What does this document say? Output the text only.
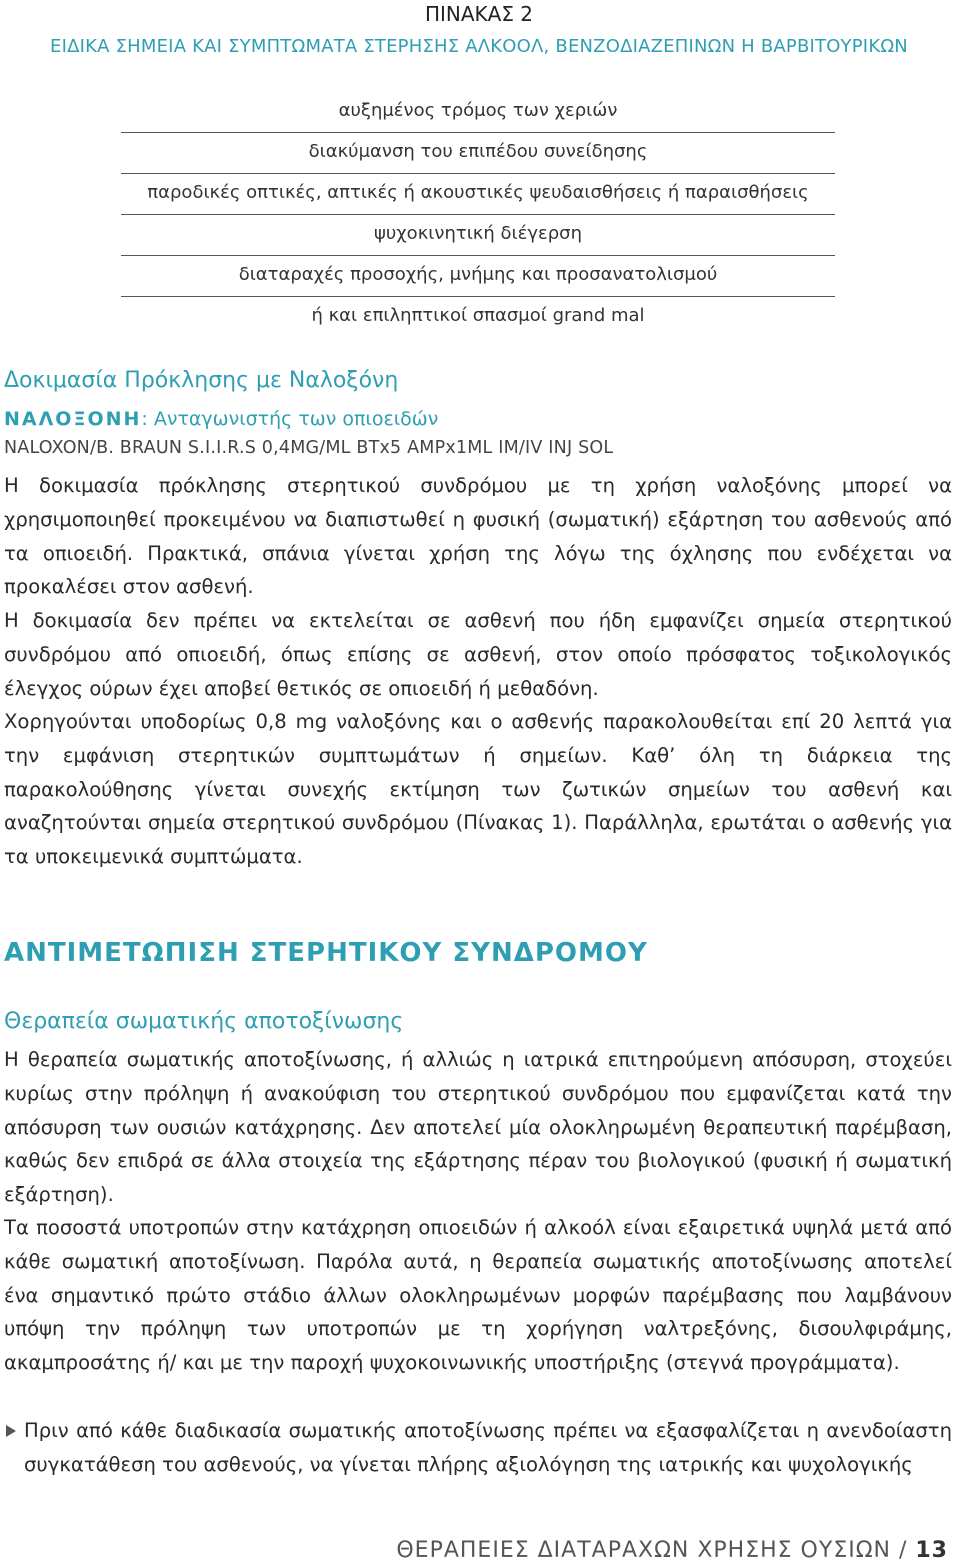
ΠΙΝΑΚΑΣ 2
ΕΙΔΙΚΑ ΣΗΜΕΙΑ ΚΑΙ ΣΥΜΠΤΩΜΑΤΑ ΣΤΕΡΗΣΗΣ ΑΛΚΟΟΛ, ΒΕΝΖΟΔΙΑΖΕΠΙΝΩΝ Η ΒΑΡΒΙΤΟΥΡΙΚΩΝ
αυξημένος τρόμος των χεριών
διακύμανση του επιπέδου συνείδησης
παροδικές οπτικές, απτικές ή ακουστικές ψευδαισθήσεις ή παραισθήσεις
ψυχοκινητική διέγερση
διαταραχές προσοχής, μνήμης και προσανατολισμού
ή και επιληπτικοί σπασμοί grand mal
Δοκιμασία Πρόκλησης με Ναλοξόνη
ΝΑΛΟΞΟΝΗ: Ανταγωνιστής των οπιοειδών
NALOXON/B. BRAUN S.I.I.R.S 0,4MG/ML BTx5 AMPx1ML IM/IV INJ SOL

Η δοκιμασία πρόκλησης στερητικού συνδρόμου με τη χρήση ναλοξόνης μπορεί να χρησιμοποιηθεί προκειμένου να διαπιστωθεί η φυσική (σωματική) εξάρτηση του ασθενούς από τα οπιοειδή. Πρακτικά, σπάνια γίνεται χρήση της λόγω της όχλησης που ενδέχεται να προκαλέσει στον ασθενή.

Η δοκιμασία δεν πρέπει να εκτελείται σε ασθενή που ήδη εμφανίζει σημεία στερητικού συνδρόμου από οπιοειδή, όπως επίσης σε ασθενή, στον οποίο πρόσφατος τοξικολογικός έλεγχος ούρων έχει αποβεί θετικός σε οπιοειδή ή μεθαδόνη.

Χορηγούνται υποδορίως 0,8 mg ναλοξόνης και ο ασθενής παρακολουθείται επί 20 λεπτά για την εμφάνιση στερητικών συμπτωμάτων ή σημείων. Καθ’ όλη τη διάρκεια της παρακολούθησης γίνεται συνεχής εκτίμηση των ζωτικών σημείων του ασθενή και αναζητούνται σημεία στερητικού συνδρόμου (Πίνακας 1). Παράλληλα, ερωτάται ο ασθενής για τα υποκειμενικά συμπτώματα.

ΑΝΤΙΜΕΤΩΠΙΣΗ ΣΤΕΡΗΤΙΚΟΥ ΣΥΝΔΡΟΜΟΥ
Θεραπεία σωματικής αποτοξίνωσης

Η θεραπεία σωματικής αποτοξίνωσης, ή αλλιώς η ιατρικά επιτηρούμενη απόσυρση, στοχεύει κυρίως στην πρόληψη ή ανακούφιση του στερητικού συνδρόμου που εμφανίζεται κατά την απόσυρση των ουσιών κατάχρησης. Δεν αποτελεί μία ολοκληρωμένη θεραπευτική παρέμβαση, καθώς δεν επιδρά σε άλλα στοιχεία της εξάρτησης πέραν του βιολογικού (φυσική ή σωματική εξάρτηση).

Τα ποσοστά υποτροπών στην κατάχρηση οπιοειδών ή αλκοόλ είναι εξαιρετικά υψηλά μετά από κάθε σωματική αποτοξίνωση. Παρόλα αυτά, η θεραπεία σωματικής αποτοξίνωσης αποτελεί ένα σημαντικό πρώτο στάδιο άλλων ολοκληρωμένων μορφών παρέμβασης που λαμβάνουν υπόψη την πρόληψη των υποτροπών με τη χορήγηση ναλτρεξόνης, δισουλφιράμης, ακαμπροσάτης ή/ και με την παροχή ψυχοκοινωνικής υποστήριξης (στεγνά προγράμματα).

Πριν από κάθε διαδικασία σωματικής αποτοξίνωσης πρέπει να εξασφαλίζεται η ανενδοίαστη συγκατάθεση του ασθενούς, να γίνεται πλήρης αξιολόγηση της ιατρικής και ψυχολογικής
ΘΕΡΑΠΕΙΕΣ ΔΙΑΤΑΡΑΧΩΝ ΧΡΗΣΗΣ ΟΥΣΙΩΝ / 13
